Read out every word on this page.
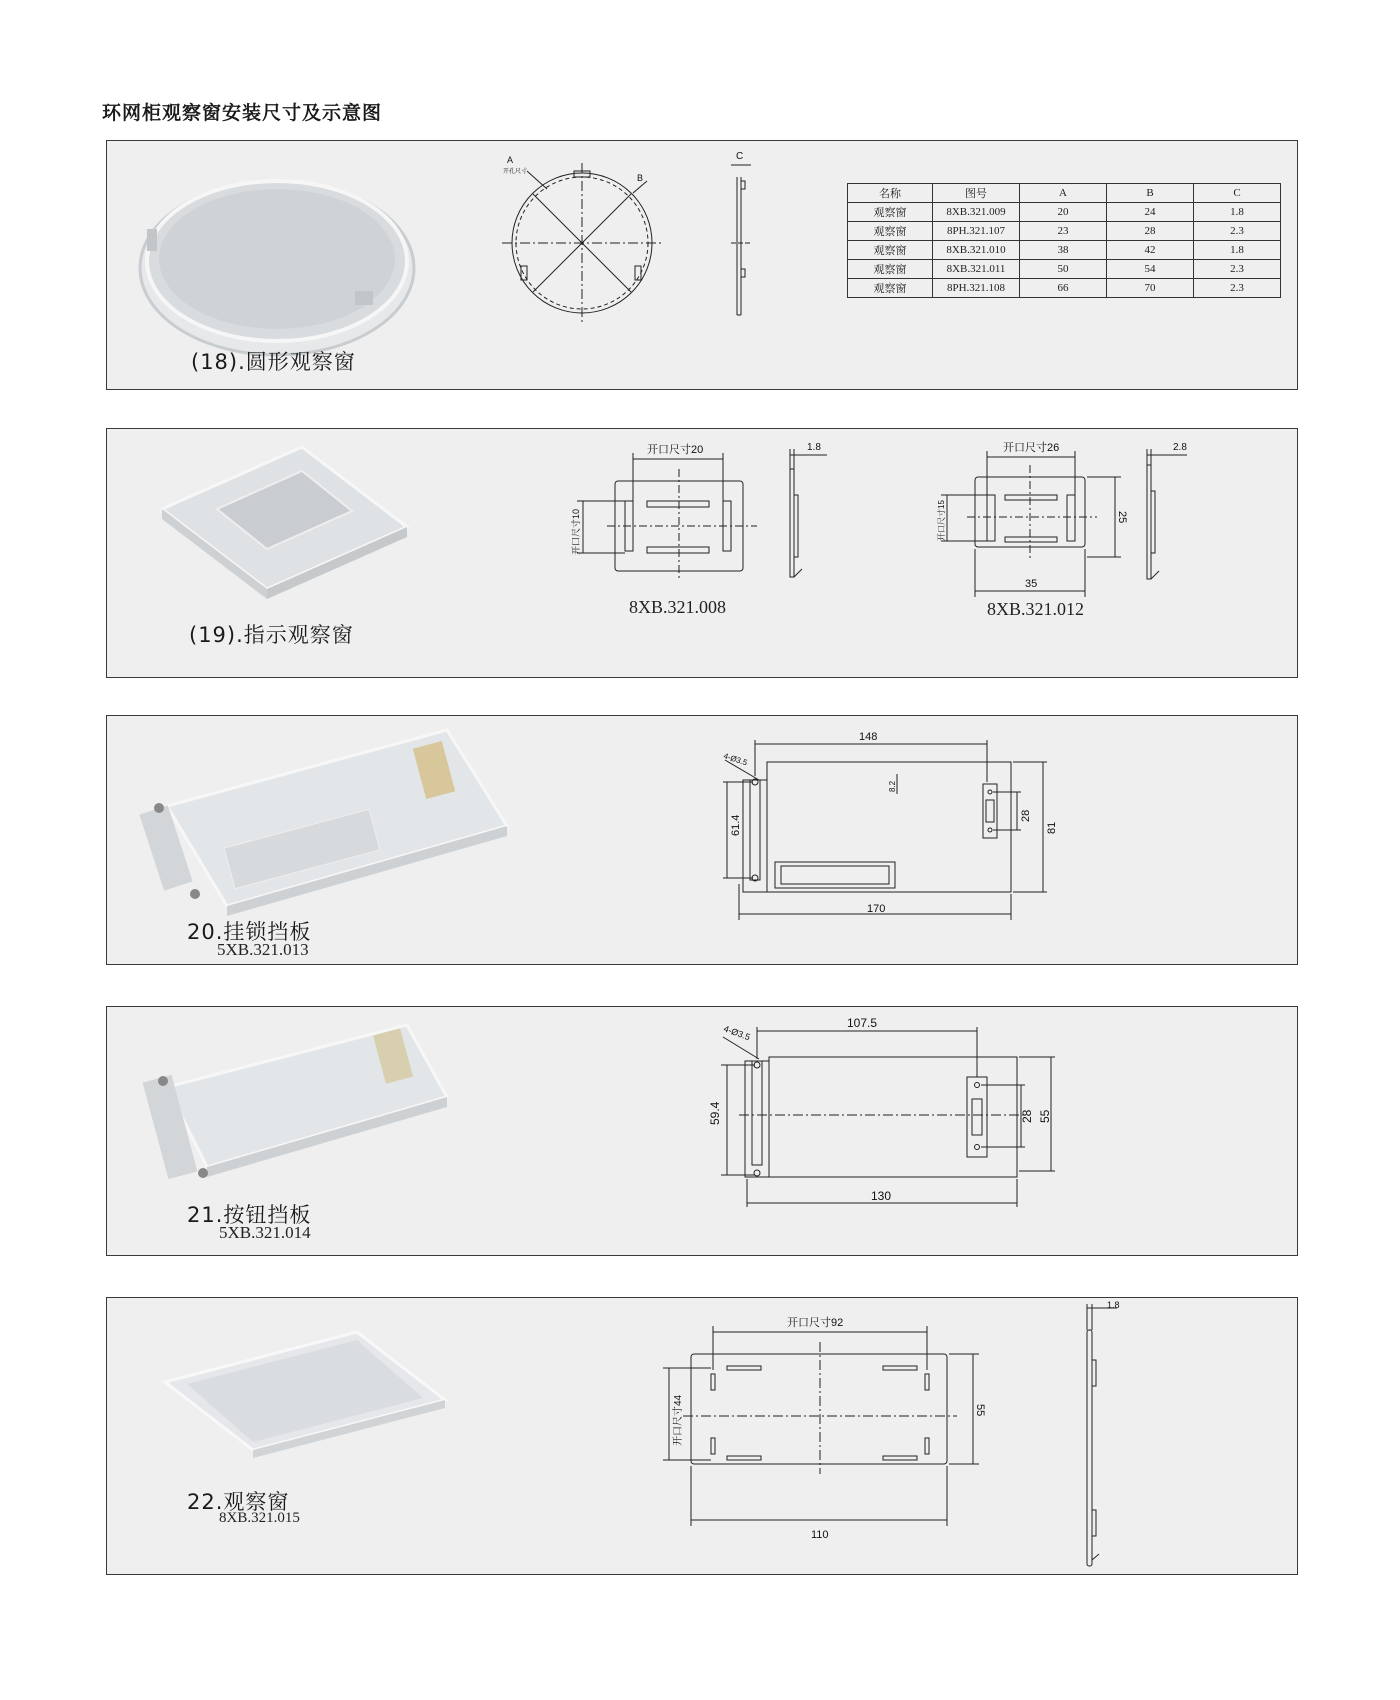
环网柜观察窗安装尺寸及示意图
A
开孔尺寸
B
C
名称	图号	A	B	C
观察窗	8XB.321.009	20	24	1.8
观察窗	8PH.321.107	23	28	2.3
观察窗	8XB.321.010	38	42	1.8
观察窗	8XB.321.011	50	54	2.3
观察窗	8PH.321.108	66	70	2.3
(18).圆形观察窗
开口尺寸20
开口尺寸10
1.8	开口尺寸26
开口尺寸15	25
35
2.8
8XB.321.008	8XB.321.012
(19).指示观察窗
148
4-Ø3.5
8.2
61.4	28
81
170
20.挂锁挡板
5XB.321.013
107.5
4-Ø3.5
59.4	28 55
130
21.按钮挡板
5XB.321.014
开口尺寸92
开口尺寸44	55
110
1.8
22.观察窗
8XB.321.015
